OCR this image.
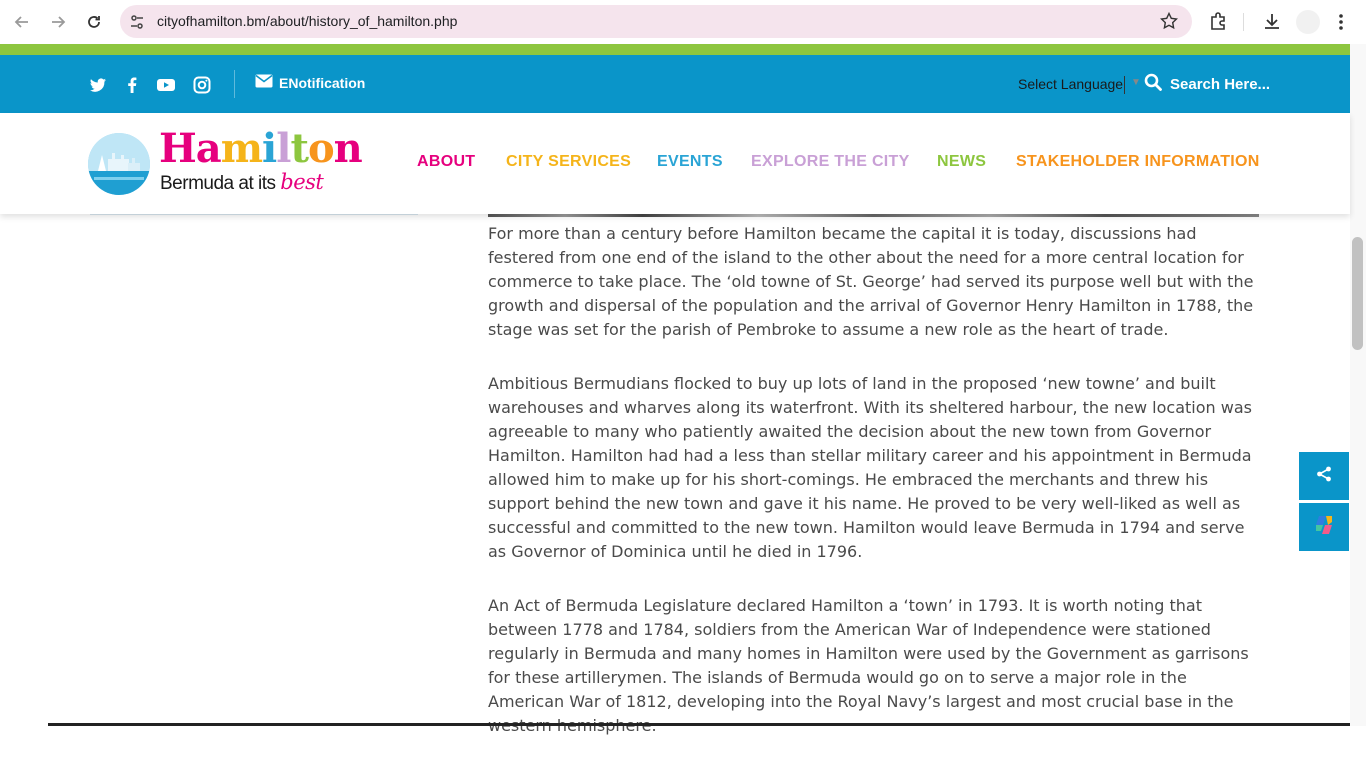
cityofhamilton.bm/about/history_of_hamilton.php
ENotification	Select Language ▼ Search Here...
Hamilton
Bermuda at its best
ABOUT CITY SERVICES EVENTS EXPLORE THE CITY NEWS STAKEHOLDER INFORMATION

For more than a century before Hamilton became the capital it is today, discussions had festered from one end of the island to the other about the need for a more central location for commerce to take place. The ‘old towne of St. George’ had served its purpose well but with the growth and dispersal of the population and the arrival of Governor Henry Hamilton in 1788, the stage was set for the parish of Pembroke to assume a new role as the heart of trade.

Ambitious Bermudians flocked to buy up lots of land in the proposed ‘new towne’ and built warehouses and wharves along its waterfront. With its sheltered harbour, the new location was agreeable to many who patiently awaited the decision about the new town from Governor Hamilton. Hamilton had had a less than stellar military career and his appointment in Bermuda allowed him to make up for his short-comings. He embraced the merchants and threw his support behind the new town and gave it his name. He proved to be very well-liked as well as successful and committed to the new town. Hamilton would leave Bermuda in 1794 and serve as Governor of Dominica until he died in 1796.

An Act of Bermuda Legislature declared Hamilton a ‘town’ in 1793. It is worth noting that between 1778 and 1784, soldiers from the American War of Independence were stationed regularly in Bermuda and many homes in Hamilton were used by the Government as garrisons for these artillerymen. The islands of Bermuda would go on to serve a major role in the American War of 1812, developing into the Royal Navy’s largest and most crucial base in the
